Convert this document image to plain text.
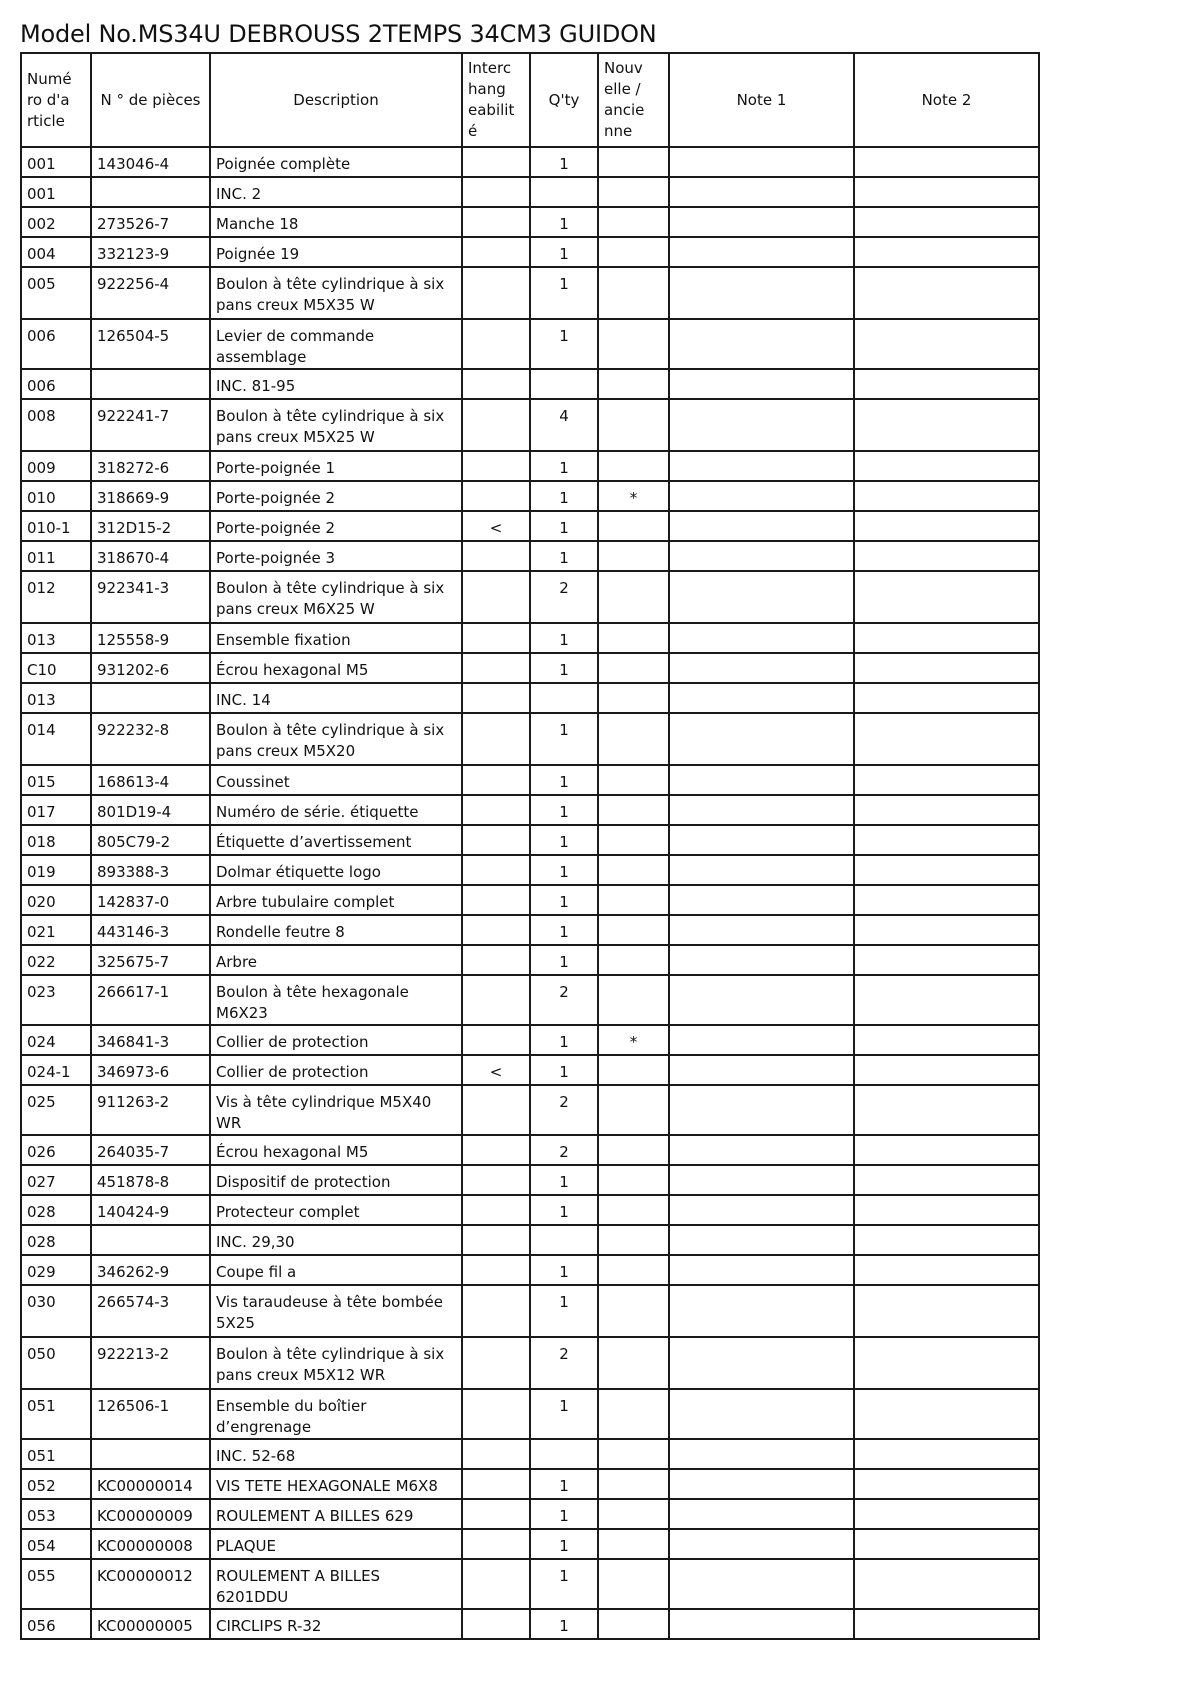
Model No.MS34U DEBROUSS 2TEMPS 34CM3 GUIDON
Numé ro d'a rticle	N ° de pièces	Description	Interc hang eabilit é	Q'ty	Nouv elle / ancie nne	Note 1	Note 2
001	143046-4	Poignée complète		1			
001		INC. 2					
002	273526-7	Manche 18		1			
004	332123-9	Poignée 19		1			
005	922256-4	Boulon à tête cylindrique à six pans creux M5X35 W		1			
006	126504-5	Levier de commande assemblage		1			
006		INC. 81-95					
008	922241-7	Boulon à tête cylindrique à six pans creux M5X25 W		4			
009	318272-6	Porte-poignée 1		1			
010	318669-9	Porte-poignée 2		1	*		
010-1	312D15-2	Porte-poignée 2	<	1			
011	318670-4	Porte-poignée 3		1			
012	922341-3	Boulon à tête cylindrique à six pans creux M6X25 W		2			
013	125558-9	Ensemble fixation		1			
C10	931202-6	Écrou hexagonal M5		1			
013		INC. 14					
014	922232-8	Boulon à tête cylindrique à six pans creux M5X20		1			
015	168613-4	Coussinet		1			
017	801D19-4	Numéro de série. étiquette		1			
018	805C79-2	Étiquette d’avertissement		1			
019	893388-3	Dolmar étiquette logo		1			
020	142837-0	Arbre tubulaire complet		1			
021	443146-3	Rondelle feutre 8		1			
022	325675-7	Arbre		1			
023	266617-1	Boulon à tête hexagonale M6X23		2			
024	346841-3	Collier de protection		1	*		
024-1	346973-6	Collier de protection	<	1			
025	911263-2	Vis à tête cylindrique M5X40 WR		2			
026	264035-7	Écrou hexagonal M5		2			
027	451878-8	Dispositif de protection		1			
028	140424-9	Protecteur complet		1			
028		INC. 29,30					
029	346262-9	Coupe fil a		1			
030	266574-3	Vis taraudeuse à tête bombée 5X25		1			
050	922213-2	Boulon à tête cylindrique à six pans creux M5X12 WR		2			
051	126506-1	Ensemble du boîtier d’engrenage		1			
051		INC. 52-68					
052	KC00000014	VIS TETE HEXAGONALE M6X8		1			
053	KC00000009	ROULEMENT A BILLES 629		1			
054	KC00000008	PLAQUE		1			
055	KC00000012	ROULEMENT A BILLES 6201DDU		1			
056	KC00000005	CIRCLIPS R-32		1			
